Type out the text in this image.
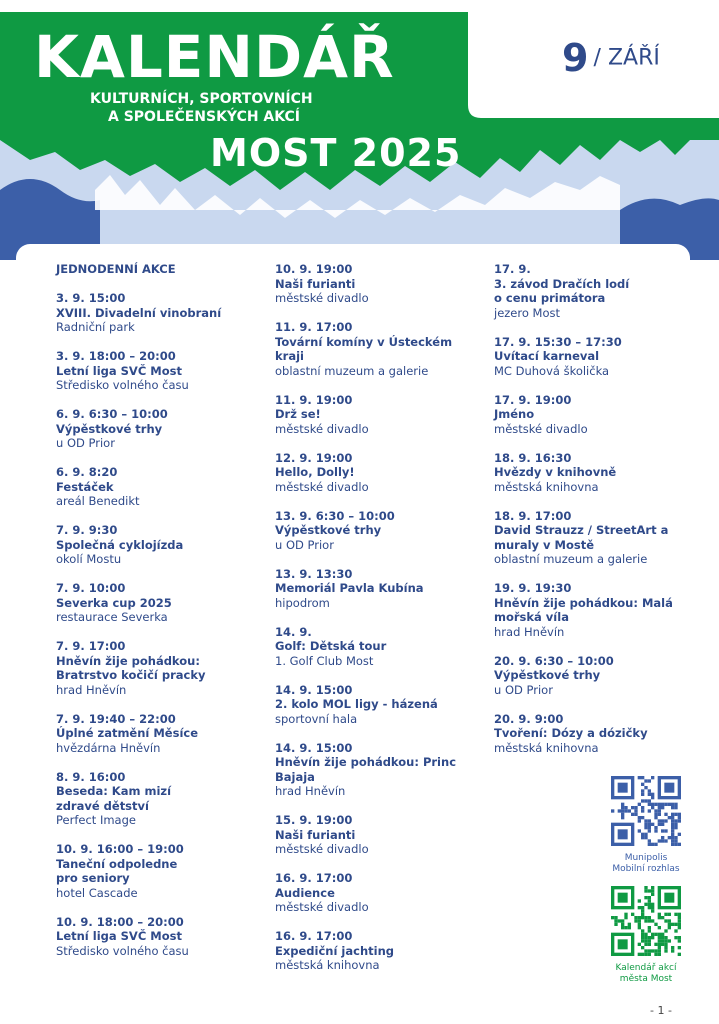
KALENDÁŘ
KULTURNÍCH, SPORTOVNÍCH
A SPOLEČENSKÝCH AKCÍ
MOST 2025
9 / ZÁŘÍ
JEDNODENNÍ AKCE
3. 9. 15:00
XVIII. Divadelní vinobraní
Radniční park
3. 9. 18:00 – 20:00
Letní liga SVČ Most
Středisko volného času
6. 9. 6:30 – 10:00
Výpěstkové trhy
u OD Prior
6. 9. 8:20
Festáček
areál Benedikt
7. 9. 9:30
Společná cyklojízda
okolí Mostu
7. 9. 10:00
Severka cup 2025
restaurace Severka
7. 9. 17:00
Hněvín žije pohádkou:
Bratrstvo kočičí pracky
hrad Hněvín
7. 9. 19:40 – 22:00
Úplné zatmění Měsíce
hvězdárna Hněvín
8. 9. 16:00
Beseda: Kam mizí
zdravé dětství
Perfect Image
10. 9. 16:00 – 19:00
Taneční odpoledne
pro seniory
hotel Cascade
10. 9. 18:00 – 20:00
Letní liga SVČ Most
Středisko volného času
10. 9. 19:00
Naši furianti
městské divadlo
11. 9. 17:00
Tovární komíny v Ústeckém
kraji
oblastní muzeum a galerie
11. 9. 19:00
Drž se!
městské divadlo
12. 9. 19:00
Hello, Dolly!
městské divadlo
13. 9. 6:30 – 10:00
Výpěstkové trhy
u OD Prior
13. 9. 13:30
Memoriál Pavla Kubína
hipodrom
14. 9.
Golf: Dětská tour
1. Golf Club Most
14. 9. 15:00
2. kolo MOL ligy - házená
sportovní hala
14. 9. 15:00
Hněvín žije pohádkou: Princ
Bajaja
hrad Hněvín
15. 9. 19:00
Naši furianti
městské divadlo
16. 9. 17:00
Audience
městské divadlo
16. 9. 17:00
Expediční jachting
městská knihovna
17. 9.
3. závod Dračích lodí
o cenu primátora
jezero Most
17. 9. 15:30 – 17:30
Uvítací karneval
MC Duhová školička
17. 9. 19:00
Jméno
městské divadlo
18. 9. 16:30
Hvězdy v knihovně
městská knihovna
18. 9. 17:00
David Strauzz / StreetArt a
muraly v Mostě
oblastní muzeum a galerie
19. 9. 19:30
Hněvín žije pohádkou: Malá
mořská víla
hrad Hněvín
20. 9. 6:30 – 10:00
Výpěstkové trhy
u OD Prior
20. 9. 9:00
Tvoření: Dózy a dózičky
městská knihovna
Munipolis
Mobilní rozhlas
Kalendář akcí
města Most
- 1 -
